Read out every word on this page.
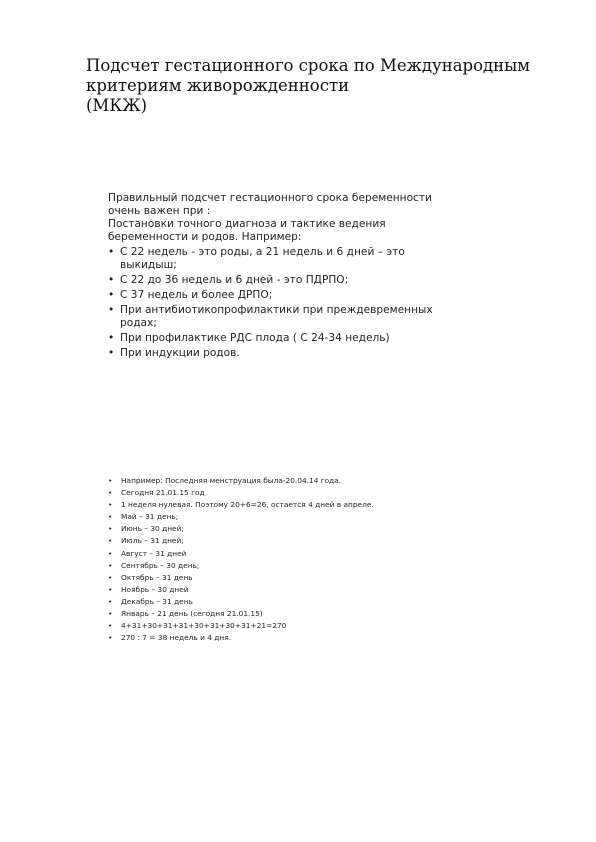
Подсчет гестационного срока по Международным
критериям живорожденности
(МКЖ)
Правильный подсчет гестационного срока беременности
очень важен при :
Постановки точного диагноза и тактике ведения
беременности и родов. Например:
• С 22 недель - это роды, а 21 недель и 6 дней – это выкидыш;
• С 22 до 36 недель и 6 дней - это ПДРПО;
• С 37 недель и более ДРПО;
• При антибиотикопрофилактики при преждевременных родах;
• При профилактике РДС плода ( С 24-34 недель)
• При индукции родов.
• Например: Последняя менструация была-20.04.14 года.
• Сегодня 21.01.15 год
• 1 неделя нулевая. Поэтому 20+6=26, остается 4 дней в апреле.
• Май – 31 день;
• Июнь – 30 дней;
• Июль – 31 дней;
• Август – 31 дней
• Сентябрь – 30 день;
• Октябрь – 31 день
• Ноябрь – 30 дней
• Декабрь – 31 день
• Январь – 21 день (сегодня 21.01.15)
• 4+31+30+31+31+30+31+30+31+21=270
• 270 : 7 = 38 недель и 4 дня.
